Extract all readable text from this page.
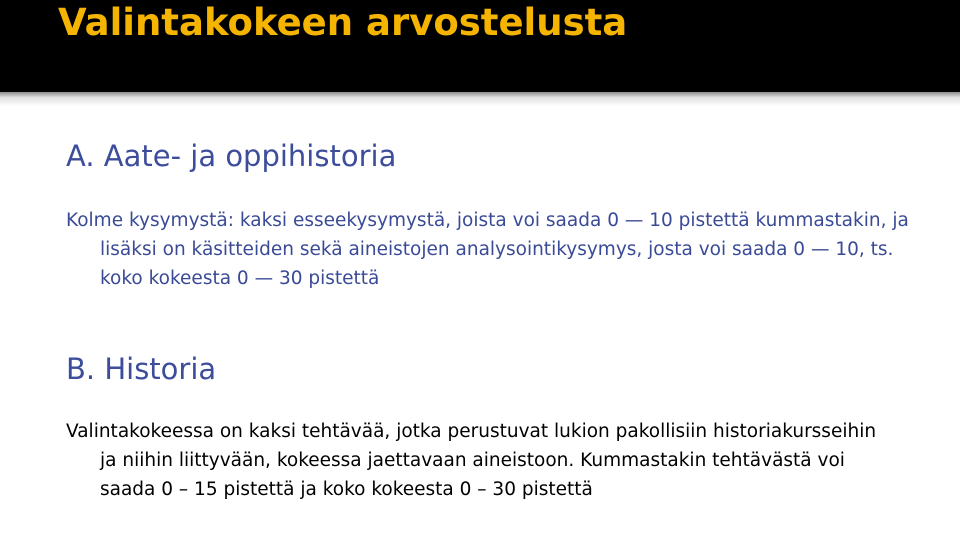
Valintakokeen arvostelusta
A. Aate- ja oppihistoria

Kolme kysymystä: kaksi esseekysymystä, joista voi saada 0 — 10 pistettä kummastakin, ja lisäksi on käsitteiden sekä aineistojen analysointikysymys, josta voi saada 0 — 10, ts. koko kokeesta 0 — 30 pistettä

B. Historia

Valintakokeessa on kaksi tehtävää, jotka perustuvat lukion pakollisiin historiakursseihin ja niihin liittyvään, kokeessa jaettavaan aineistoon. Kummastakin tehtävästä voi saada 0 – 15 pistettä ja koko kokeesta 0 – 30 pistettä
